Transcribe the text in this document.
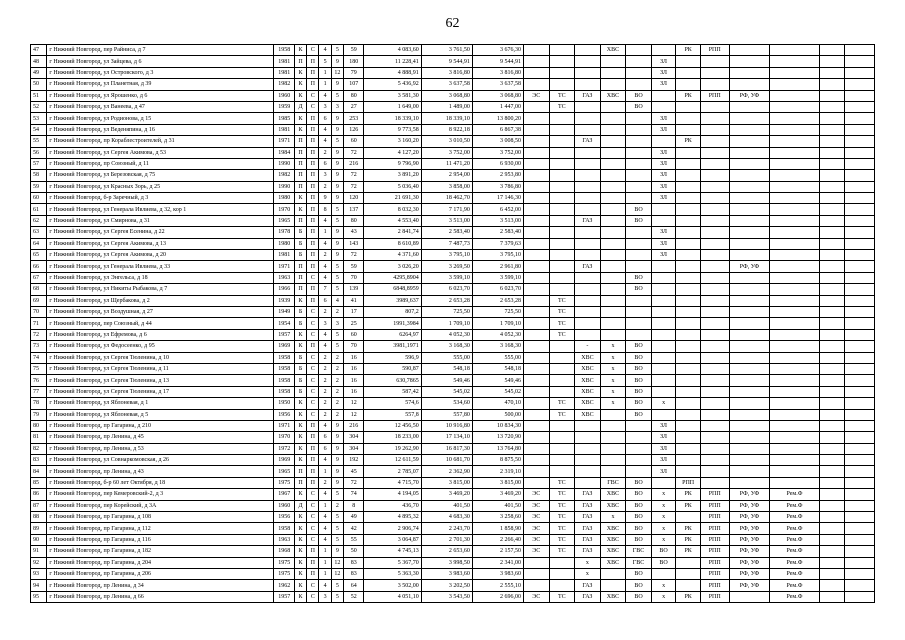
62
47	г Нижний Новгород, пер Райниса, д 7	1958	К	С	4	5	59	4 083,60	3 761,50	3 676,30				ХВС			РК	РПП				
48	г Нижний Новгород, ул Зайцева, д 6	1981	П	П	5	9	180	11 228,41	9 544,91	9 544,91						ЗЛ						
49	г Нижний Новгород, ул Островского, д 3	1981	К	П	1	12	79	4 888,91	3 816,80	3 816,80						ЗЛ						
50	г Нижний Новгород, ул Планетная, д 39	1982	К	П	1	9	107	5 436,92	3 637,58	3 637,58						ЗЛ						
51	г Нижний Новгород, ул Ярошенко, д 6	1960	К	С	4	5	80	3 581,30	3 068,80	3 068,80	ЭС	ТС	ГАЗ	ХВС	ВО		РК	РПП	РФ, УФ			
52	г Нижний Новгород, ул Ванеева, д 47	1959	Д	С	3	3	27	1 649,00	1 489,00	1 447,00		ТС			ВО							
53	г Нижний Новгород, ул Родионова, д 15	1985	К	П	6	9	253	18 339,10	18 339,10	13 800,20						ЗЛ						
54	г Нижний Новгород, ул Веденяпина, д 16	1981	К	П	4	9	126	9 773,58	8 922,18	6 867,38						ЗЛ						
55	г Нижний Новгород, пр Кораблестроителей, д 31	1971	П	П	4	5	60	3 160,20	3 010,50	3 008,50			ГАЗ				РК					
56	г Нижний Новгород, ул Сергея Акимова, д 53	1984	П	П	2	9	72	4 127,20	3 752,00	3 752,00						ЗЛ						
57	г Нижний Новгород, пр Союзный, д 11	1990	П	П	6	9	216	9 796,90	11 471,20	6 930,00						ЗЛ						
58	г Нижний Новгород, ул Березовская, д 75	1982	П	П	3	9	72	3 891,20	2 954,00	2 953,80						ЗЛ						
59	г Нижний Новгород, ул Красных Зорь, д 25	1990	П	П	2	9	72	5 036,40	3 858,00	3 786,80						ЗЛ						
60	г Нижний Новгород, б-р Заречный, д 3	1980	К	П	9	9	120	21 691,30	18 462,70	17 146,30						ЗЛ						
61	г Нижний Новгород, ул Генерала Ивлиева, д 32, кор 1	1970	К	П	8	5	137	8 032,30	7 171,90	6 452,00					ВО							
62	г Нижний Новгород, ул Смирнова, д 31	1965	П	П	4	5	80	4 553,40	3 513,00	3 513,00			ГАЗ		ВО							
63	г Нижний Новгород, ул Сергея Есенина, д 22	1978	Б	П	1	9	43	2 841,74	2 583,40	2 583,40						ЗЛ						
64	г Нижний Новгород, ул Сергея Акимова, д 13	1980	Б	П	4	9	143	8 610,89	7 487,73	7 379,63						ЗЛ						
65	г Нижний Новгород, ул Сергея Акимова, д 20	1981	Б	П	2	9	72	4 371,60	3 795,10	3 795,10						ЗЛ						
66	г Нижний Новгород, ул Генерала Ивлиева, д 33	1971	П	П	4	5	59	3 026,20	3 269,50	2 961,80			ГАЗ						РФ, УФ			
67	г Нижний Новгород, ул Энгельса, д 18	1963	П	С	4	5	70	4295,8904	3 599,10	3 599,10					ВО							
68	г Нижний Новгород, ул Никиты Рыбакова, д 7	1966	П	П	7	5	139	6848,8959	6 023,70	6 023,70					ВО							
69	г Нижний Новгород, ул Щербакова, д 2	1939	К	П	6	4	41	3989,637	2 653,28	2 653,28		ТС										
70	г Нижний Новгород, ул Воздушная, д 27	1949	Б	С	2	2	17	807,2	725,50	725,50		ТС										
71	г Нижний Новгород, пер Союзный, д 44	1954	Б	С	3	3	25	1991,3984	1 709,10	1 709,10		ТС										
72	г Нижний Новгород, ул Ефремова, д 6	1957	К	С	4	5	60	6264,97	4 052,30	4 052,30		ТС										
73	г Нижний Новгород, ул Федосеенко, д 95	1969	К	П	4	5	70	3981,1971	3 168,30	3 168,30			-	х	ВО							
74	г Нижний Новгород, ул Сергея Тюленина, д 10	1958	Б	С	2	2	16	596,9	555,00	555,00			ХВС	х	ВО							
75	г Нижний Новгород, ул Сергея Тюленина, д 11	1958	Б	С	2	2	16	590,87	548,18	548,18			ХВС	х	ВО							
76	г Нижний Новгород, ул Сергея Тюленина, д 13	1958	Б	С	2	2	16	630,7865	549,46	549,46			ХВС	х	ВО							
77	г Нижний Новгород, ул Сергея Тюленина, д 17	1958	Б	С	2	2	16	587,42	545,02	545,02			ХВС	х	ВО							
78	г Нижний Новгород, ул Яблоневая, д 1	1950	К	С	2	2	12	574,6	534,60	470,10		ТС	ХВС	х	ВО	х						
79	г Нижний Новгород, ул Яблоневая, д 5	1956	К	С	2	2	12	557,8	557,80	500,00		ТС	ХВС		ВО							
80	г Нижний Новгород, пр Гагарина, д 210	1971	К	П	4	9	216	12 456,50	10 916,80	10 834,30						ЗЛ						
81	г Нижний Новгород, пр Ленина, д 45	1970	К	П	6	9	304	18 233,00	17 134,10	13 720,90						ЗЛ						
82	г Нижний Новгород, пр Ленина, д 53	1972	К	П	6	9	304	19 262,90	16 817,30	13 764,80						ЗЛ						
83	г Нижний Новгород, ул Совнаркомовская, д 26	1969	К	П	4	9	192	12 611,59	10 681,70	8 875,50						ЗЛ						
84	г Нижний Новгород, пр Ленина, д 43	1965	П	П	1	9	45	2 785,07	2 362,90	2 319,10						ЗЛ						
85	г Нижний Новгород, б-р 60 лет Октября, д 18	1975	П	П	2	9	72	4 715,70	3 815,00	3 815,00		ТС		ГВС	ВО		РПП					
86	г Нижний Новгород, пер Кемеровский-2, д 3	1967	К	С	4	5	74	4 194,05	3 469,20	3 469,20	ЭС	ТС	ГАЗ	ХВС	ВО	х	РК	РПП	РФ, УФ	Рем.Ф		
87	г Нижний Новгород, пер Корейский, д 3А	1960	Д	С	1	2	8	436,70	401,50	401,50	ЭС	ТС	ГАЗ	ХВС	ВО	х	РК	РПП	РФ, УФ	Рем.Ф		
88	г Нижний Новгород, пр Гагарина, д 108	1956	К	С	4	5	49	4 895,32	4 683,30	3 258,60	ЭС	ТС	ГАЗ	х	ВО	х		РПП	РФ, УФ	Рем.Ф		
89	г Нижний Новгород, пр Гагарина, д 112	1958	К	С	4	5	42	2 906,74	2 243,70	1 858,90	ЭС	ТС	ГАЗ	ХВС	ВО	х	РК	РПП	РФ, УФ	Рем.Ф		
90	г Нижний Новгород, пр Гагарина, д 116	1963	К	С	4	5	55	3 064,87	2 701,30	2 266,40	ЭС	ТС	ГАЗ	ХВС	ВО	х	РК	РПП	РФ, УФ	Рем.Ф		
91	г Нижний Новгород, пр Гагарина, д 182	1968	К	П	1	9	50	4 745,13	2 653,60	2 157,50	ЭС	ТС	ГАЗ	ХВС	ГВС	ВО	РК	РПП	РФ, УФ	Рем.Ф		
92	г Нижний Новгород, пр Гагарина, д 204	1975	К	П	1	12	83	5 367,70	3 998,50	2 341,00			х	ХВС	ГВС	ВО		РПП	РФ, УФ	Рем.Ф		
93	г Нижний Новгород, пр Гагарина, д 206	1975	К	П	1	12	83	5 363,30	3 983,60	3 983,60			х		ВО			РПП	РФ, УФ	Рем.Ф		
94	г Нижний Новгород, пр Ленина, д 34	1962	К	С	4	5	64	3 502,00	3 202,50	2 555,10			ГАЗ		ВО	х		РПП	РФ, УФ	Рем.Ф		
95	г Нижний Новгород, пр Ленина, д 66	1957	К	С	3	5	52	4 051,10	3 543,50	2 696,00	ЭС	ТС	ГАЗ	ХВС	ВО	х	РК	РПП		Рем.Ф		
